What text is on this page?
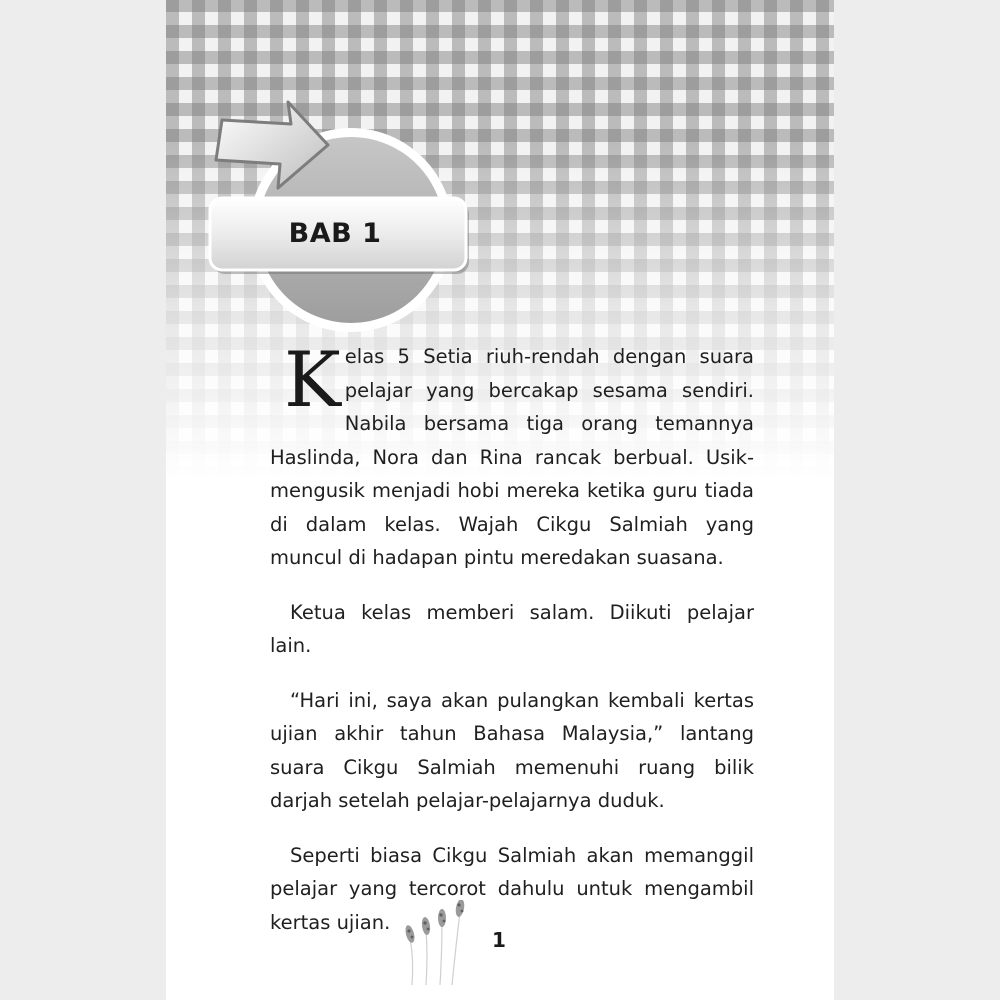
BAB 1

Kelas 5 Setia riuh-rendah dengan suara pelajar yang bercakap sesama sendiri. Nabila bersama tiga orang temannya Haslinda, Nora dan Rina rancak berbual. Usik-mengusik menjadi hobi mereka ketika guru tiada di dalam kelas. Wajah Cikgu Salmiah yang muncul di hadapan pintu meredakan suasana.

Ketua kelas memberi salam. Diikuti pelajar lain.

“Hari ini, saya akan pulangkan kembali kertas ujian akhir tahun Bahasa Malaysia,” lantang suara Cikgu Salmiah memenuhi ruang bilik darjah setelah pelajar-pelajarnya duduk.

Seperti biasa Cikgu Salmiah akan memanggil pelajar yang tercorot dahulu untuk mengambil kertas ujian.

1
